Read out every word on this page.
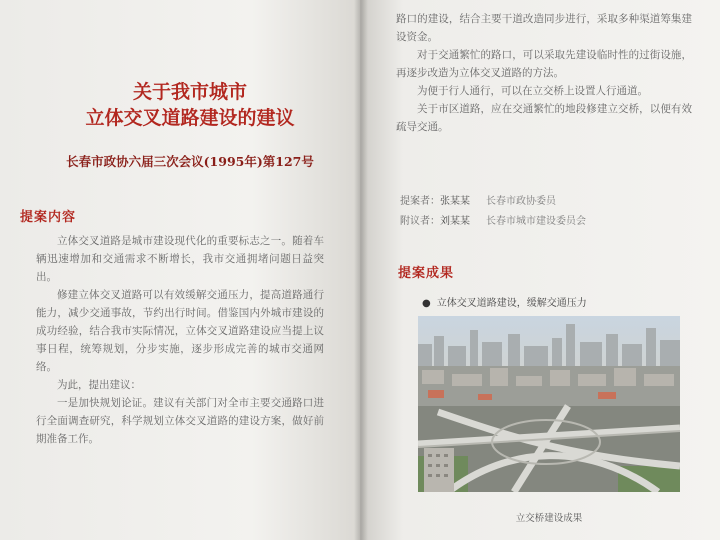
关于我市城市
立体交叉道路建设的建议
长春市政协六届三次会议(1995年)第127号
提案内容

立体交叉道路是城市建设现代化的重要标志之一。随着车辆迅速增加和交通需求不断增长，我市交通拥堵问题日益突出。

修建立体交叉道路可以有效缓解交通压力，提高道路通行能力，减少交通事故，节约出行时间。借鉴国内外城市建设的成功经验，结合我市实际情况，立体交叉道路建设应当提上议事日程，统筹规划，分步实施，逐步形成完善的城市交通网络。

为此，提出建议：

一是加快规划论证。建议有关部门对全市主要交通路口进行全面调查研究，科学规划立体交叉道路的建设方案，做好前期准备工作。

路口的建设，结合主要干道改造同步进行，采取多种渠道筹集建设资金。

对于交通繁忙的路口，可以采取先建设临时性的过街设施，再逐步改造为立体交叉道路的方法。

为便于行人通行，可以在立交桥上设置人行通道。

关于市区道路，应在交通繁忙的地段修建立交桥，以便有效疏导交通。

提案者： 张某某	长春市政协委员
附议者： 刘某某	长春市城市建设委员会
提案成果
● 立体交叉道路建设，缓解交通压力
立交桥建设成果
